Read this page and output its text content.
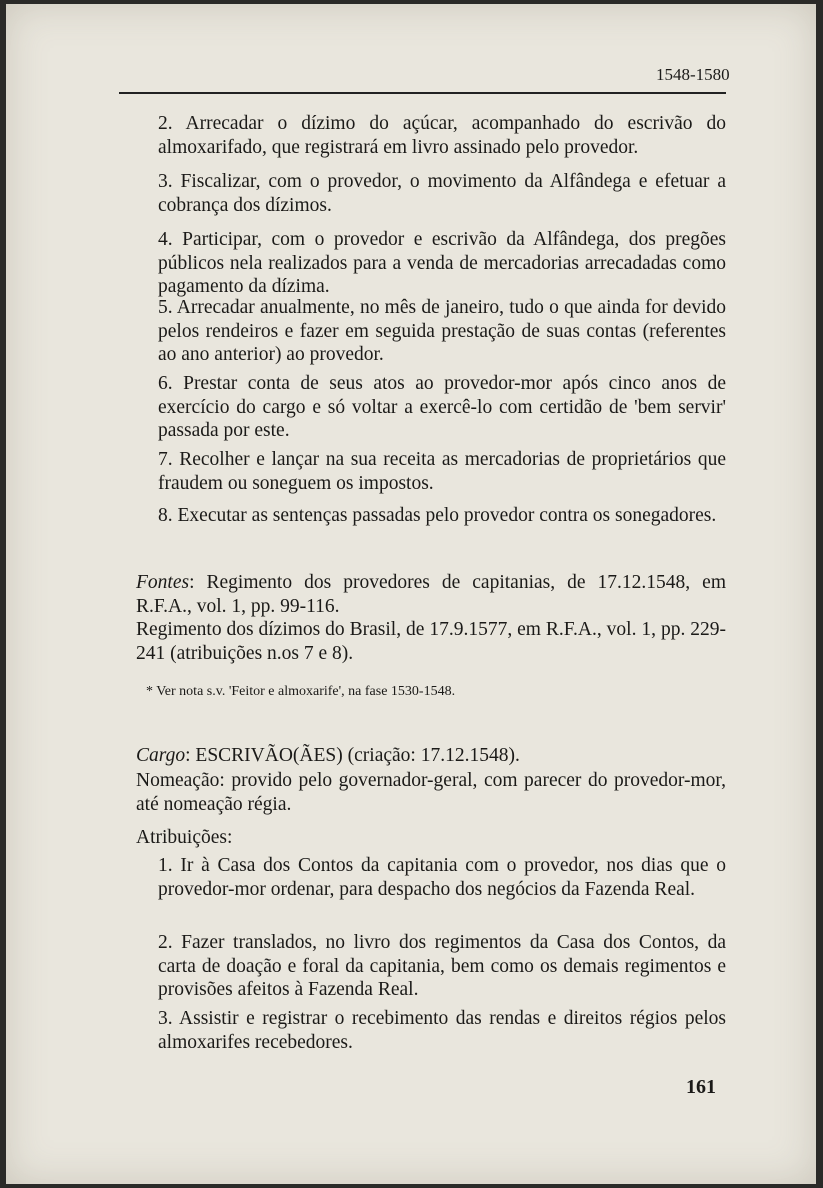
1548-1580
2. Arrecadar o dízimo do açúcar, acompanhado do escrivão do almoxarifado, que registrará em livro assinado pelo provedor.
3. Fiscalizar, com o provedor, o movimento da Alfândega e efetuar a cobrança dos dízimos.
4. Participar, com o provedor e escrivão da Alfândega, dos pregões públicos nela realizados para a venda de mercadorias arrecadadas como pagamento da dízima.
5. Arrecadar anualmente, no mês de janeiro, tudo o que ainda for devido pelos rendeiros e fazer em seguida prestação de suas contas (referentes ao ano anterior) ao provedor.
6. Prestar conta de seus atos ao provedor-mor após cinco anos de exercício do cargo e só voltar a exercê-lo com certidão de 'bem servir' passada por este.
7. Recolher e lançar na sua receita as mercadorias de proprietários que fraudem ou soneguem os impostos.
8. Executar as sentenças passadas pelo provedor contra os sonegadores.
Fontes: Regimento dos provedores de capitanias, de 17.12.1548, em R.F.A., vol. 1, pp. 99-116.
Regimento dos dízimos do Brasil, de 17.9.1577, em R.F.A., vol. 1, pp. 229-241 (atribuições n.os 7 e 8).
* Ver nota s.v. 'Feitor e almoxarife', na fase 1530-1548.
Cargo: ESCRIVÃO(ÃES) (criação: 17.12.1548).
Nomeação: provido pelo governador-geral, com parecer do provedor-mor, até nomeação régia.
Atribuições:
1. Ir à Casa dos Contos da capitania com o provedor, nos dias que o provedor-mor ordenar, para despacho dos negócios da Fazenda Real.
2. Fazer translados, no livro dos regimentos da Casa dos Contos, da carta de doação e foral da capitania, bem como os demais regimentos e provisões afeitos à Fazenda Real.
3. Assistir e registrar o recebimento das rendas e direitos régios pelos almoxarifes recebedores.
161
